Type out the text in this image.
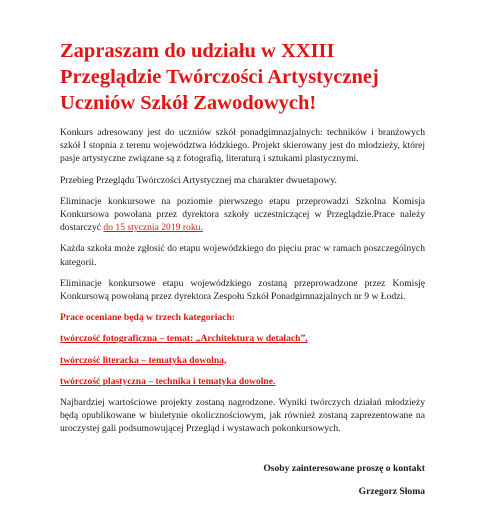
Zapraszam do udziału w XXIII Przeglądzie Twórczości Artystycznej Uczniów Szkół Zawodowych!

Konkurs adresowany jest do uczniów szkół ponadgimnazjalnych: techników i branżowych szkół I stopnia z terenu województwa łódzkiego. Projekt skierowany jest do młodzieży, której pasje artystyczne związane są z fotografią, literaturą i sztukami plastycznymi.

Przebieg Przeglądu Twórczości Artystycznej ma charakter dwuetapowy.

Eliminacje konkursowe na poziomie pierwszego etapu przeprowadzi Szkolna Komisja Konkursowa powołana przez dyrektora szkoły uczestniczącej w Przeglądzie.Prace należy dostarczyć do 15 stycznia 2019 roku.

Każda szkoła może zgłosić do etapu wojewódzkiego do pięciu prac w ramach poszczególnych kategorii.

Eliminacje konkursowe etapu wojewódzkiego zostaną przeprowadzone przez Komisję Konkursową powołaną przez dyrektora Zespołu Szkół Ponadgimnazjalnych nr 9 w Łodzi.

Prace oceniane będą w trzech kategoriach:

twórczość fotograficzna – temat: „Architektura w detalach”,

twórczość literacka – tematyka dowolna,

twórczość plastyczna – technika i tematyka dowolne.

Najbardziej wartościowe projekty zostaną nagrodzone. Wyniki twórczych działań młodzieży będą opublikowane w biuletynie okolicznościowym, jak również zostaną zaprezentowane na uroczystej gali podsumowującej Przegląd i wystawach pokonkursowych.

Osoby zainteresowane proszę o kontakt

Grzegorz Słoma
